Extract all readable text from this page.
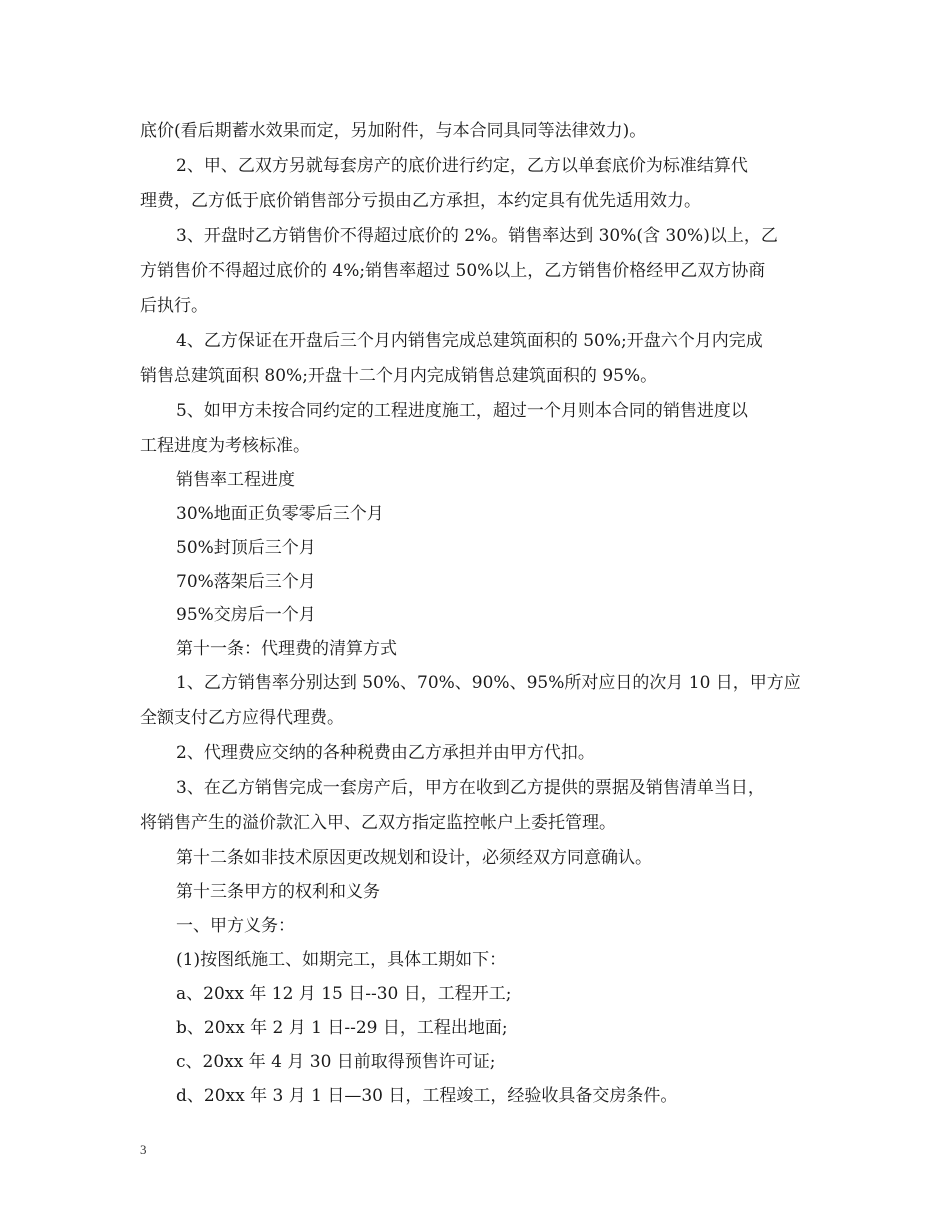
底价(看后期蓄水效果而定，另加附件，与本合同具同等法律效力)。
2、甲、乙双方另就每套房产的底价进行约定，乙方以单套底价为标准结算代
理费，乙方低于底价销售部分亏损由乙方承担，本约定具有优先适用效力。
3、开盘时乙方销售价不得超过底价的 2%。销售率达到 30%(含 30%)以上，乙
方销售价不得超过底价的 4%;销售率超过 50%以上，乙方销售价格经甲乙双方协商
后执行。
4、乙方保证在开盘后三个月内销售完成总建筑面积的 50%;开盘六个月内完成
销售总建筑面积 80%;开盘十二个月内完成销售总建筑面积的 95%。
5、如甲方未按合同约定的工程进度施工，超过一个月则本合同的销售进度以
工程进度为考核标准。
销售率工程进度
30%地面正负零零后三个月
50%封顶后三个月
70%落架后三个月
95%交房后一个月
第十一条：代理费的清算方式
1、乙方销售率分别达到 50%、70%、90%、95%所对应日的次月 10 日，甲方应
全额支付乙方应得代理费。
2、代理费应交纳的各种税费由乙方承担并由甲方代扣。
3、在乙方销售完成一套房产后，甲方在收到乙方提供的票据及销售清单当日，
将销售产生的溢价款汇入甲、乙双方指定监控帐户上委托管理。
第十二条如非技术原因更改规划和设计，必须经双方同意确认。
第十三条甲方的权利和义务
一、甲方义务：
(1)按图纸施工、如期完工，具体工期如下：
a、20xx 年 12 月 15 日--30 日，工程开工;
b、20xx 年 2 月 1 日--29 日，工程出地面;
c、20xx 年 4 月 30 日前取得预售许可证;
d、20xx 年 3 月 1 日—30 日，工程竣工，经验收具备交房条件。
3
